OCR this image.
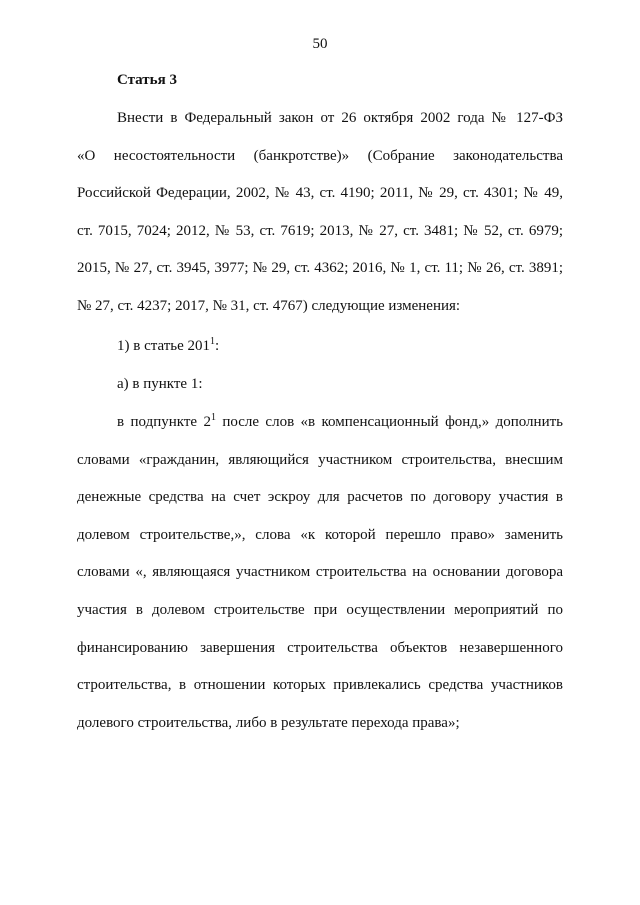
50
Статья 3
Внести в Федеральный закон от 26 октября 2002 года № 127-ФЗ
«О несостоятельности (банкротстве)» (Собрание законодательства
Российской Федерации, 2002, № 43, ст. 4190; 2011, № 29, ст. 4301; № 49,
ст. 7015, 7024; 2012, № 53, ст. 7619; 2013, № 27, ст. 3481; № 52, ст. 6979;
2015, № 27, ст. 3945, 3977; № 29, ст. 4362; 2016, № 1, ст. 11; № 26, ст. 3891;
№ 27, ст. 4237; 2017, № 31, ст. 4767) следующие изменения:
1) в статье $201^1$:
а) в пункте 1:
в подпункте $2^1$ после слов «в компенсационный фонд,» дополнить
словами «гражданин, являющийся участником строительства, внесшим
денежные средства на счет эскроу для расчетов по договору участия в
долевом строительстве,», слова «к которой перешло право» заменить
словами «, являющаяся участником строительства на основании договора
участия в долевом строительстве при осуществлении мероприятий по
финансированию завершения строительства объектов незавершенного
строительства, в отношении которых привлекались средства участников
долевого строительства, либо в результате перехода права»;
